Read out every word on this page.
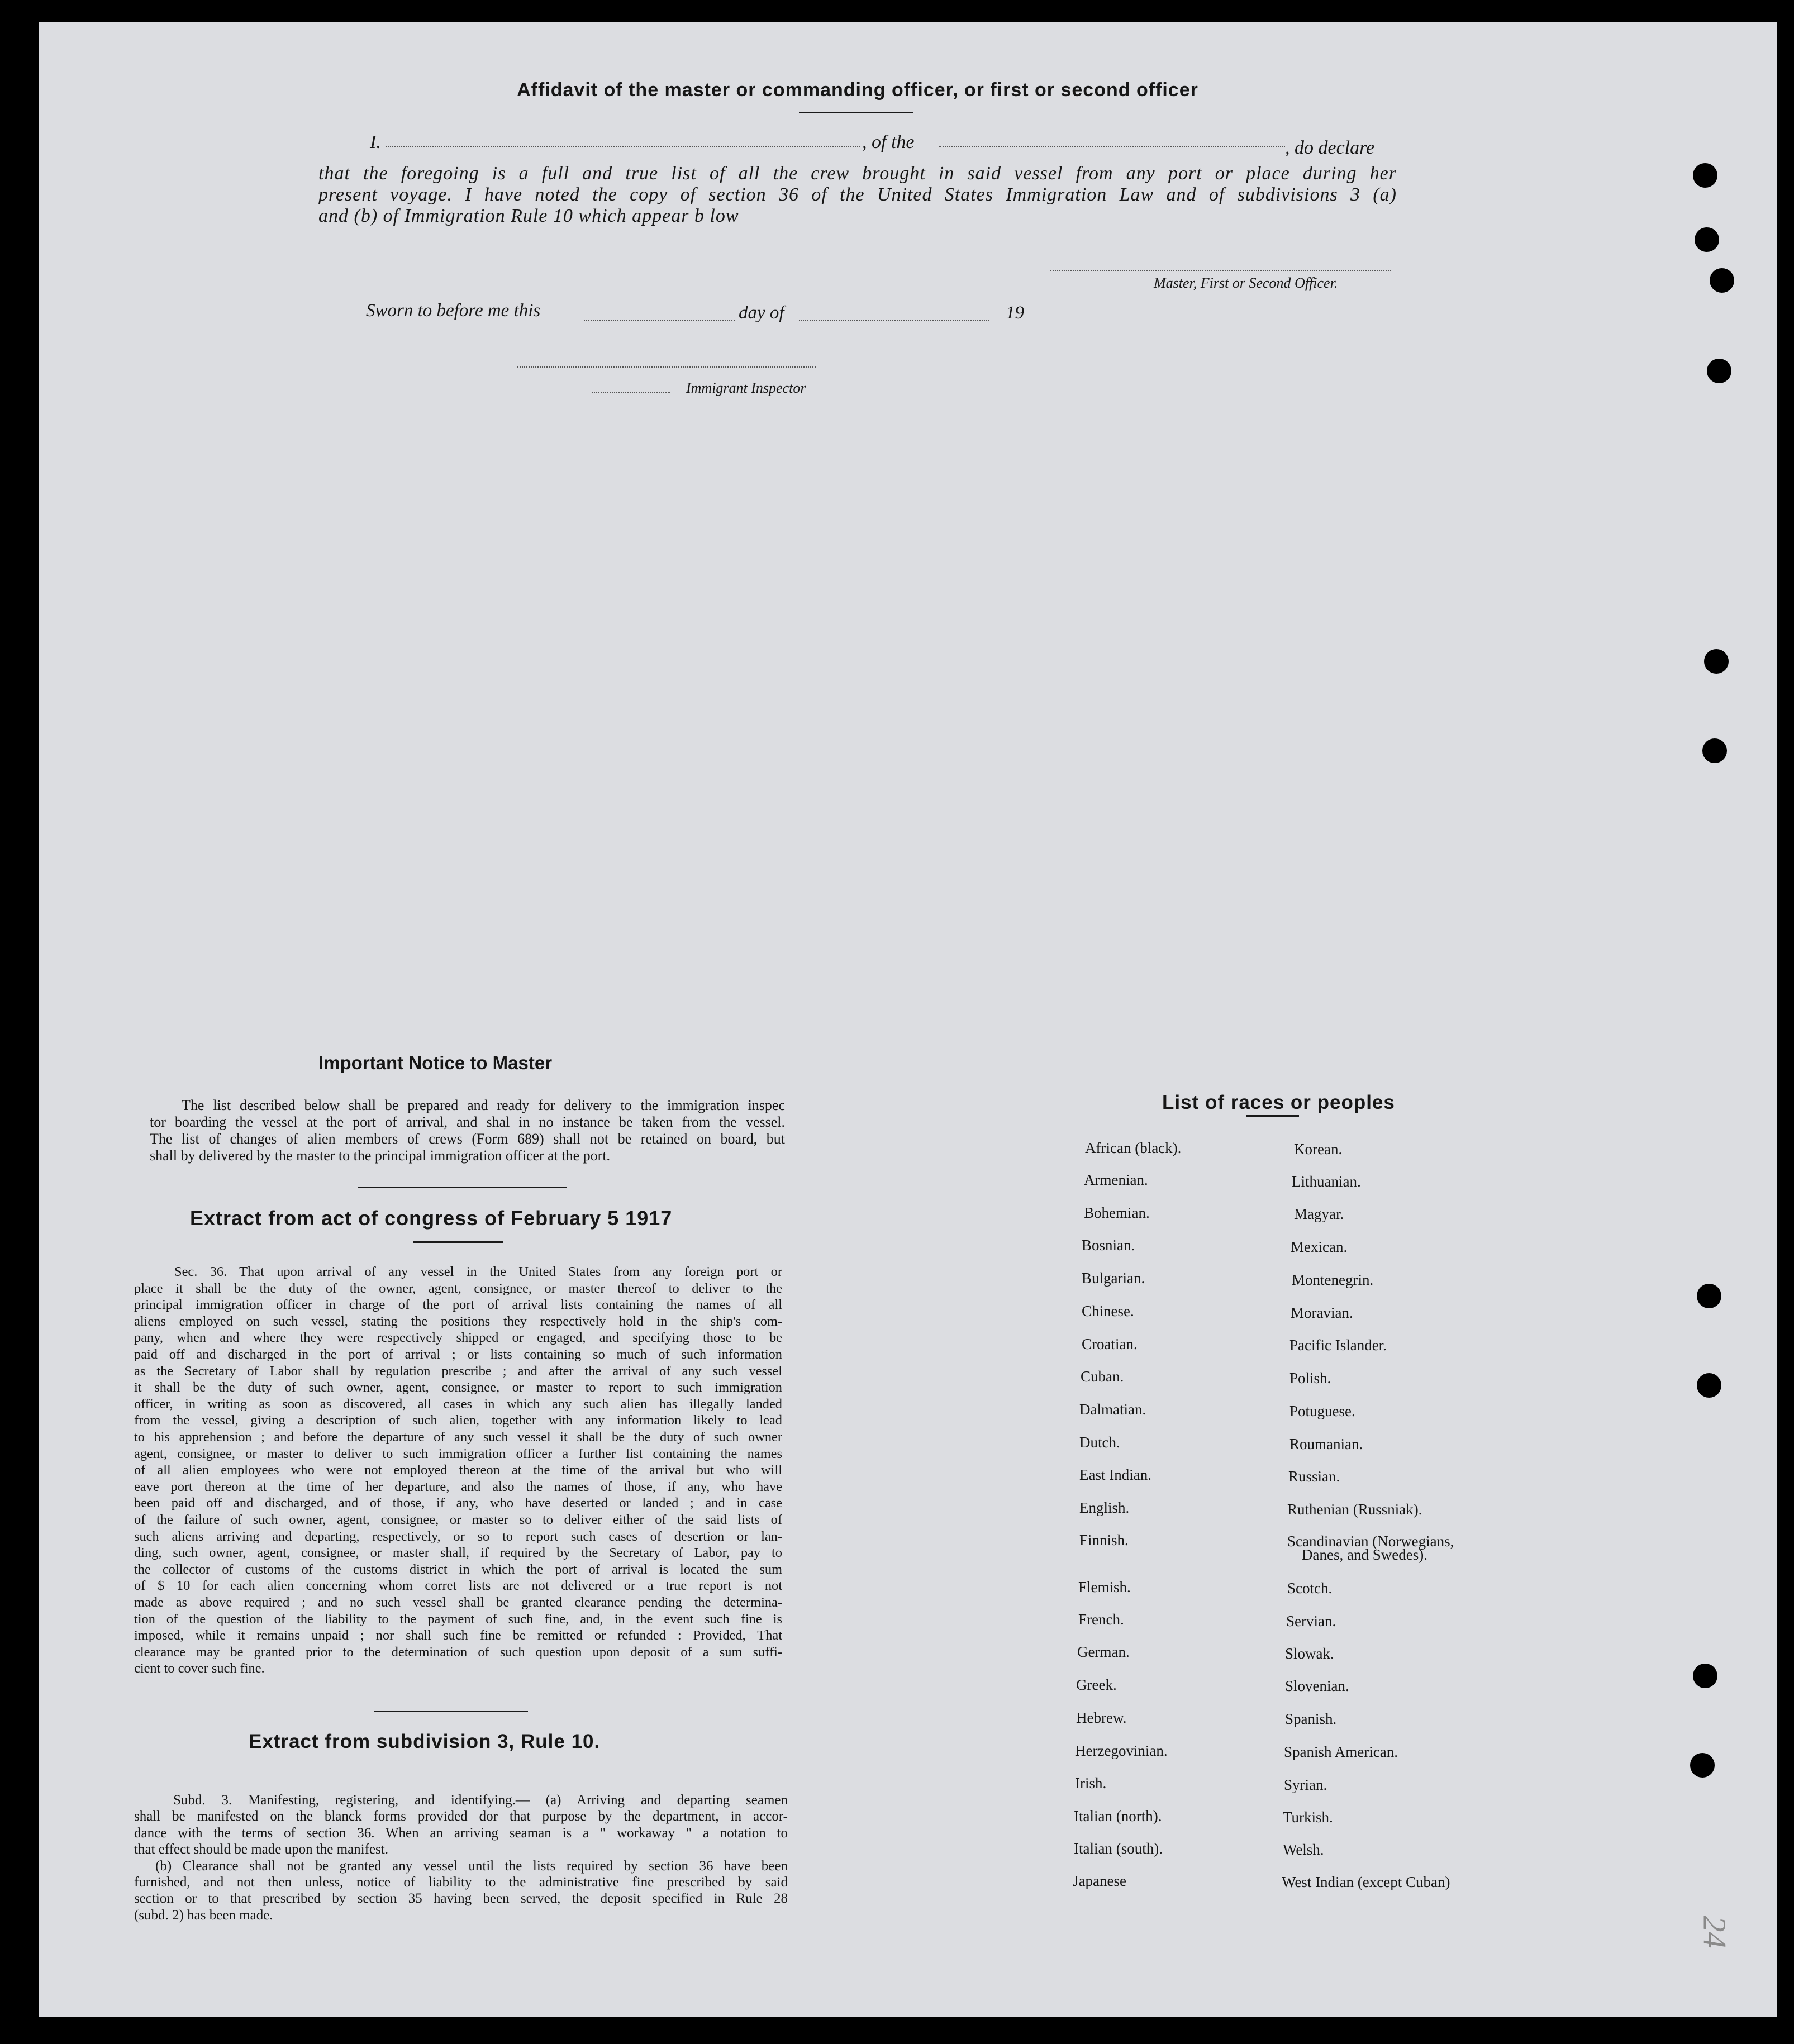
Affidavit of the master or commanding officer, or first or second officer
I.	, of the	, do declare
that the foregoing is a full and true list of all the crew brought in said vessel from any port or place during her
present voyage. I have noted the copy of section 36 of the United States Immigration Law and of subdivisions 3 (a)
and (b) of Immigration Rule 10 which appear b low
Master, First or Second Officer.
Sworn to before me this	day of	19
Immigrant Inspector
Important Notice to Master
The list described below shall be prepared and ready for delivery to the immigration inspec
tor boarding the vessel at the port of arrival, and shal in no instance be taken from the vessel.
The list of changes of alien members of crews (Form 689) shall not be retained on board, but
shall by delivered by the master to the principal immigration officer at the port.
Extract from act of congress of February 5 1917
Sec. 36. That upon arrival of any vessel in the United States from any foreign port or
place it shall be the duty of the owner, agent, consignee, or master thereof to deliver to the
principal immigration officer in charge of the port of arrival lists containing the names of all
aliens employed on such vessel, stating the positions they respectively hold in the ship's com-
pany, when and where they were respectively shipped or engaged, and specifying those to be
paid off and discharged in the port of arrival ; or lists containing so much of such information
as the Secretary of Labor shall by regulation prescribe ; and after the arrival of any such vessel
it shall be the duty of such owner, agent, consignee, or master to report to such immigration
officer, in writing as soon as discovered, all cases in which any such alien has illegally landed
from the vessel, giving a description of such alien, together with any information likely to lead
to his apprehension ; and before the departure of any such vessel it shall be the duty of such owner
agent, consignee, or master to deliver to such immigration officer a further list containing the names
of all alien employees who were not employed thereon at the time of the arrival but who will
eave port thereon at the time of her departure, and also the names of those, if any, who have
been paid off and discharged, and of those, if any, who have deserted or landed ; and in case
of the failure of such owner, agent, consignee, or master so to deliver either of the said lists of
such aliens arriving and departing, respectively, or so to report such cases of desertion or lan-
ding, such owner, agent, consignee, or master shall, if required by the Secretary of Labor, pay to
the collector of customs of the customs district in which the port of arrival is located the sum
of $ 10 for each alien concerning whom corret lists are not delivered or a true report is not
made as above required ; and no such vessel shall be granted clearance pending the determina-
tion of the question of the liability to the payment of such fine, and, in the event such fine is
imposed, while it remains unpaid ; nor shall such fine be remitted or refunded : Provided, That
clearance may be granted prior to the determination of such question upon deposit of a sum suffi-
cient to cover such fine.
Extract from subdivision 3, Rule 10.
Subd. 3. Manifesting, registering, and identifying.— (a) Arriving and departing seamen
shall be manifested on the blanck forms provided dor that purpose by the department, in accor-
dance with the terms of section 36. When an arriving seaman is a " workaway " a notation to
that effect should be made upon the manifest.
(b) Clearance shall not be granted any vessel until the lists required by section 36 have been
furnished, and not then unless, notice of liability to the administrative fine prescribed by said
section or to that prescribed by section 35 having been served, the deposit specified in Rule 28
(subd. 2) has been made.
List of races or peoples
African (black).
Armenian.
Bohemian.
Bosnian.
Bulgarian.
Chinese.
Croatian.
Cuban.
Dalmatian.
Dutch.
East Indian.
English.
Finnish.
Flemish.
French.
German.
Greek.
Hebrew.
Herzegovinian.
Irish.
Italian (north).
Italian (south).
Japanese
Korean.
Lithuanian.
Magyar.
Mexican.
Montenegrin.
Moravian.
Pacific Islander.
Polish.
Potuguese.
Roumanian.
Russian.
Ruthenian (Russniak).
Scandinavian (Norwegians,
Danes, and Swedes).
Scotch.
Servian.
Slowak.
Slovenian.
Spanish.
Spanish American.
Syrian.
Turkish.
Welsh.
West Indian (except Cuban)
24
